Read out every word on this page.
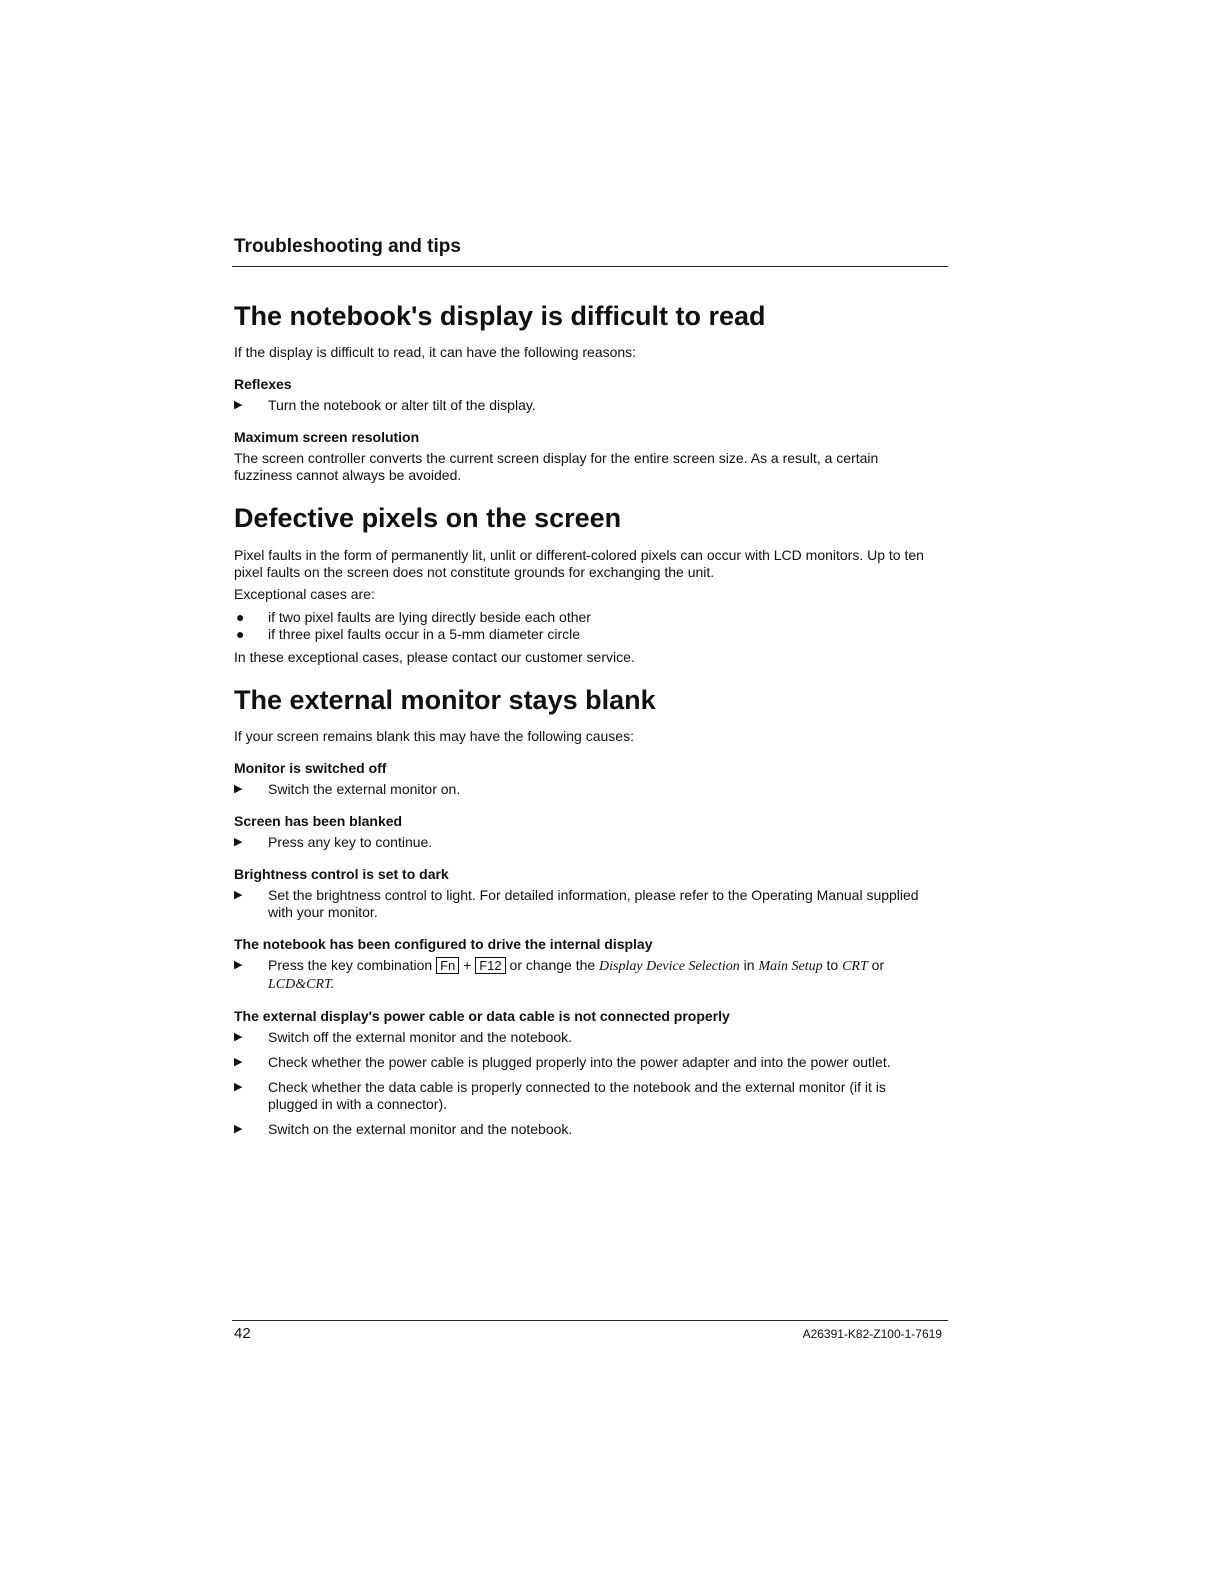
Troubleshooting and tips
The notebook's display is difficult to read

If the display is difficult to read, it can have the following reasons:

Reflexes
▶ Turn the notebook or alter tilt of the display.
Maximum screen resolution

The screen controller converts the current screen display for the entire screen size. As a result, a certain fuzziness cannot always be avoided.

Defective pixels on the screen

Pixel faults in the form of permanently lit, unlit or different-colored pixels can occur with LCD monitors. Up to ten pixel faults on the screen does not constitute grounds for exchanging the unit.

Exceptional cases are:

● if two pixel faults are lying directly beside each other
● if three pixel faults occur in a 5-mm diameter circle

In these exceptional cases, please contact our customer service.

The external monitor stays blank

If your screen remains blank this may have the following causes:

Monitor is switched off
▶ Switch the external monitor on.
Screen has been blanked
▶ Press any key to continue.
Brightness control is set to dark
▶ Set the brightness control to light. For detailed information, please refer to the Operating Manual supplied with your monitor.
The notebook has been configured to drive the internal display
▶ Press the key combination Fn + F12 or change the Display Device Selection in Main Setup to CRT or LCD&CRT.
The external display's power cable or data cable is not connected properly
▶ Switch off the external monitor and the notebook.
▶ Check whether the power cable is plugged properly into the power adapter and into the power outlet.
▶ Check whether the data cable is properly connected to the notebook and the external monitor (if it is plugged in with a connector).
▶ Switch on the external monitor and the notebook.
42	A26391-K82-Z100-1-7619
